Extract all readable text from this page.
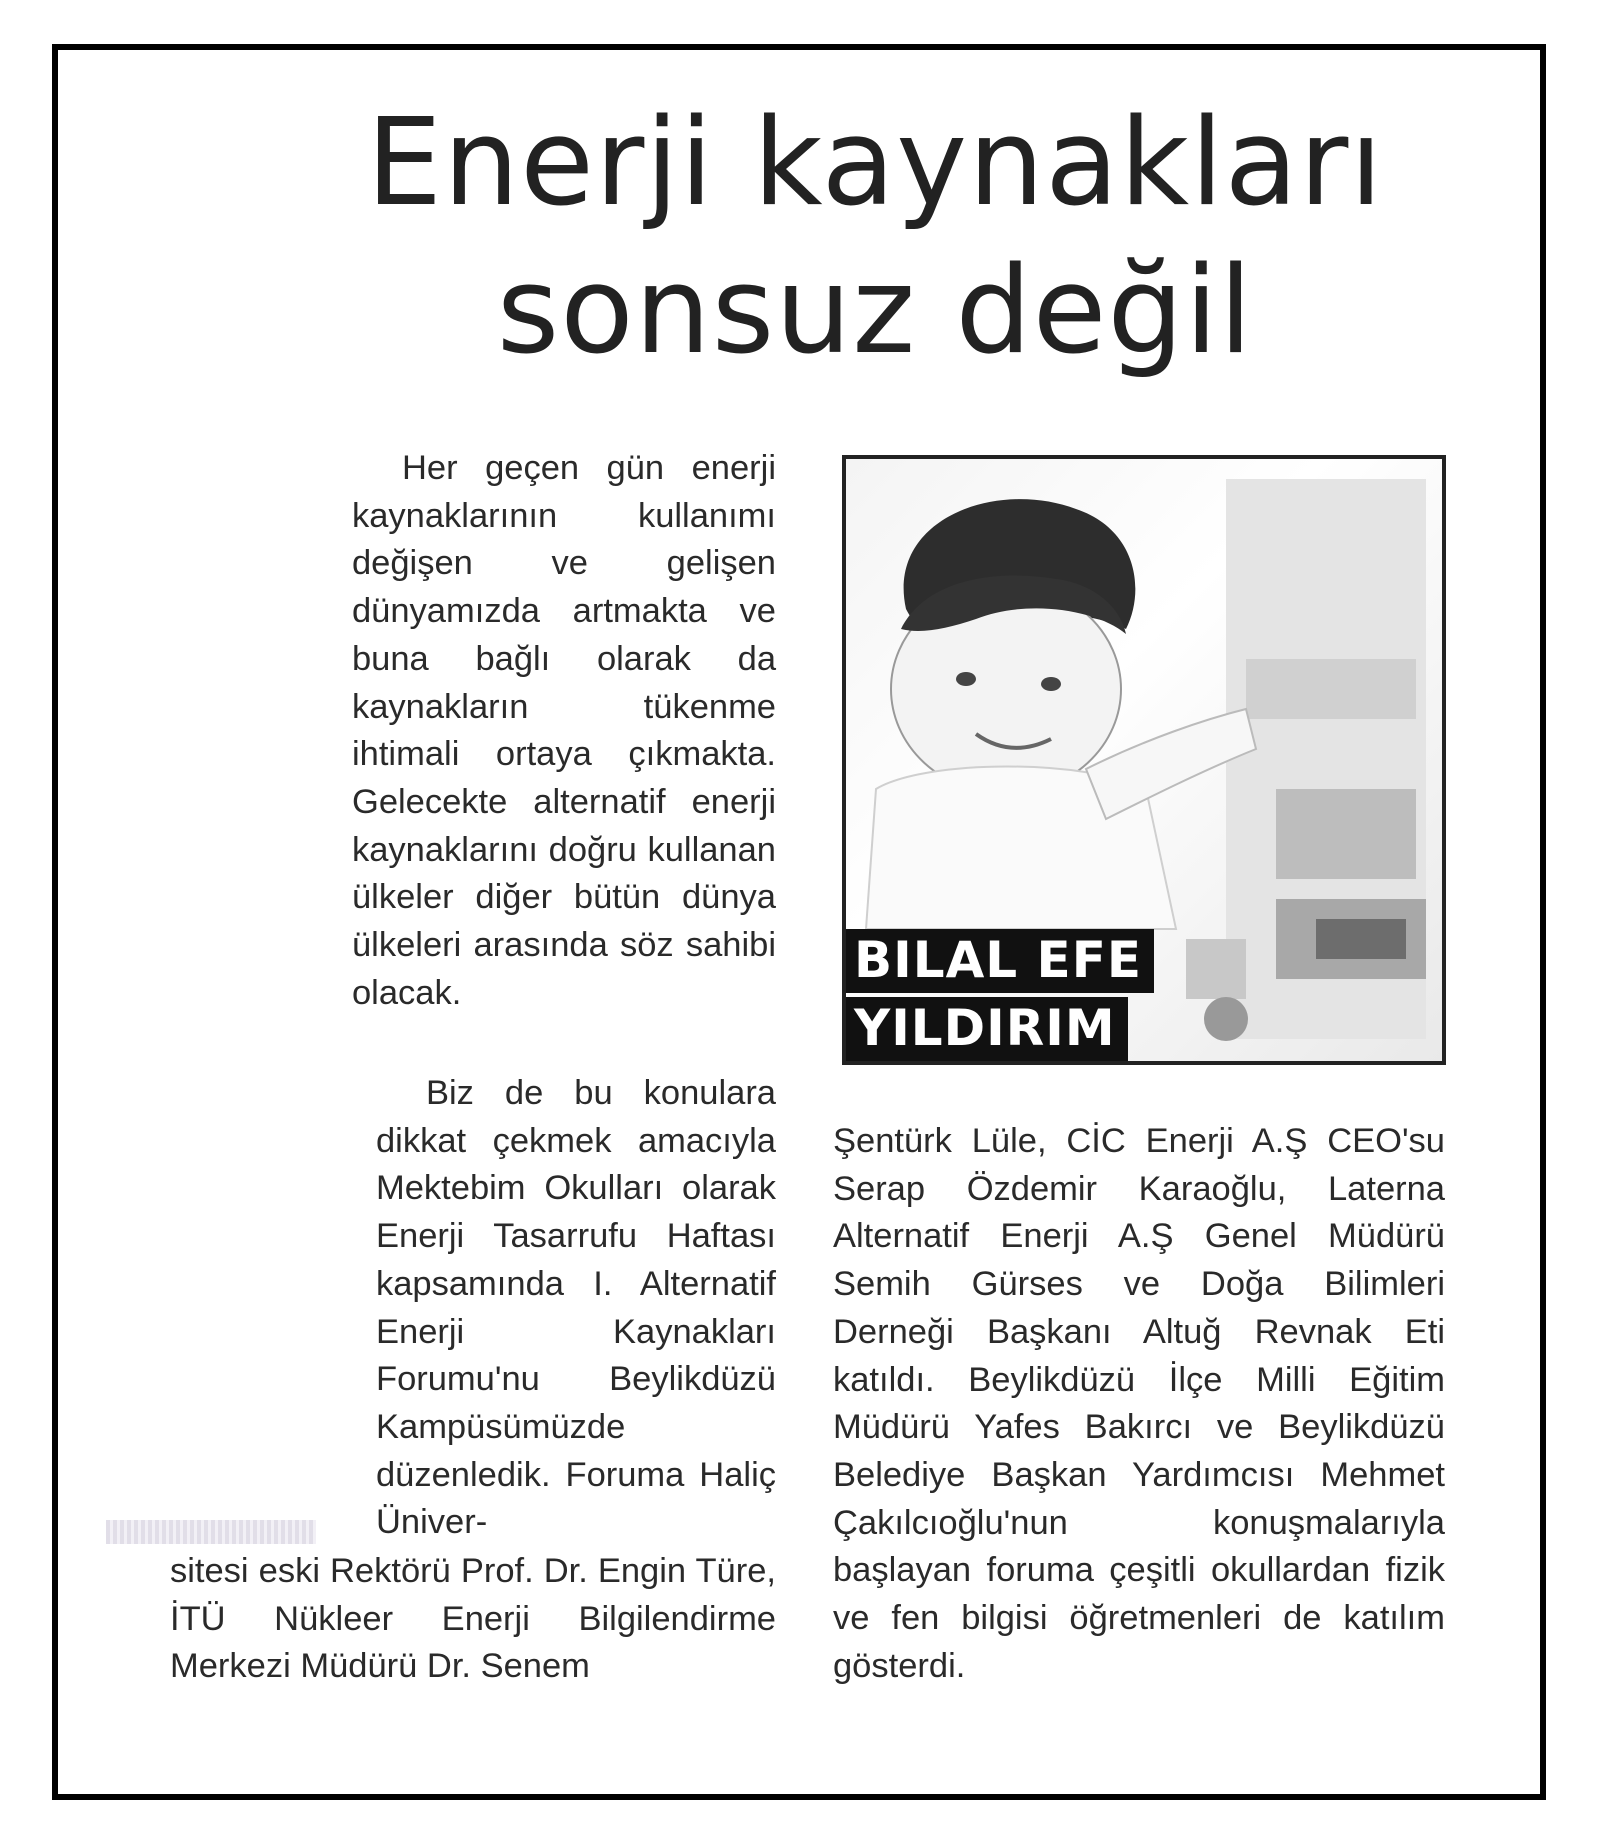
Enerji kaynakları
sonsuz değil

Her geçen gün enerji kaynaklarının kullanımı değişen ve gelişen dünyamızda artmakta ve buna bağlı olarak da kaynakların tükenme ihtimali ortaya çıkmakta. Gelecekte alternatif enerji kaynaklarını doğru kullanan ülkeler diğer bütün dünya ülkeleri arasında söz sahibi olacak.

Biz de bu konulara dikkat çekmek amacıyla Mektebim Okulları olarak Enerji Tasarrufu Haftası kapsamında I. Alternatif Enerji Kaynakları Forumu'nu Beylikdüzü Kampüsümüzde düzenledik. Foruma Haliç Üniver-

sitesi eski Rektörü Prof. Dr. Engin Türe, İTÜ Nükleer Enerji Bilgilendirme Merkezi Müdürü Dr. Senem

Şentürk Lüle, CİC Enerji A.Ş CEO'su Serap Özdemir Karaoğlu, Laterna Alternatif Enerji A.Ş Genel Müdürü Semih Gürses ve Doğa Bilimleri Derneği Başkanı Altuğ Revnak Eti katıldı. Beylikdüzü İlçe Milli Eğitim Müdürü Yafes Bakırcı ve Beylikdüzü Belediye Başkan Yardımcısı Mehmet Çakılcıoğlu'nun konuşmalarıyla başlayan foruma çeşitli okullardan fizik ve fen bilgisi öğretmenleri de katılım gösterdi.

BILAL EFE
YILDIRIM
